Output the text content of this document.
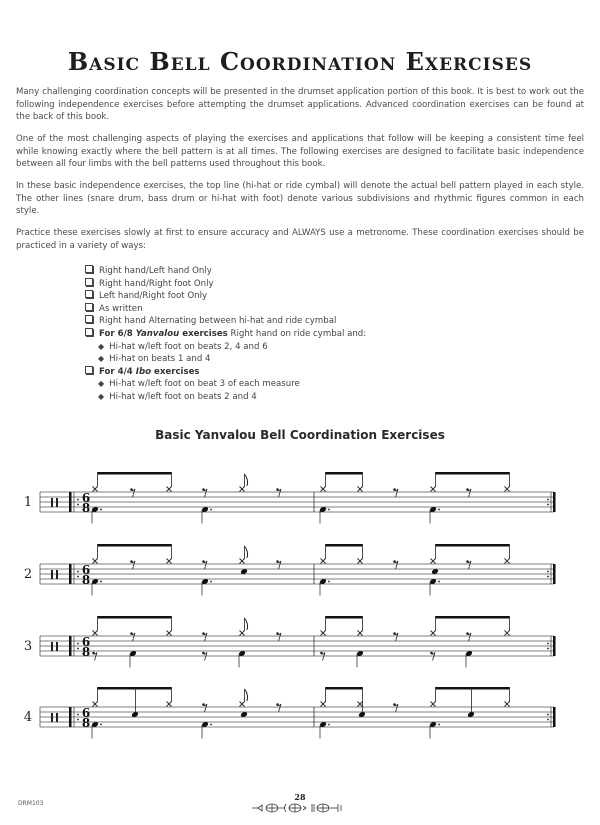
Basic Bell Coordination Exercises

Many challenging coordination concepts will be presented in the drumset application portion of this book. It is best to work out the following independence exercises before attempting the drumset applications. Advanced coordination exercises can be found at the back of this book.

One of the most challenging aspects of playing the exercises and applications that follow will be keeping a consistent time feel while knowing exactly where the bell pattern is at all times. The following exercises are designed to facilitate basic independence between all four limbs with the bell patterns used throughout this book.

In these basic independence exercises, the top line (hi-hat or ride cymbal) will denote the actual bell pattern played in each style. The other lines (snare drum, bass drum or hi-hat with foot) denote various subdivisions and rhythmic figures common in each style.

Practice these exercises slowly at first to ensure accuracy and ALWAYS use a metronome. These coordination exercises should be practiced in a variety of ways:

Right hand/Left hand Only
Right hand/Right foot Only
Left hand/Right foot Only
As written
Right hand Alternating between hi-hat and ride cymbal
For 6/8 Yanvalou exercises Right hand on ride cymbal and:
◆ Hi-hat w/left foot on beats 2, 4 and 6
◆ Hi-hat on beats 1 and 4
For 4/4 Ibo exercises
◆ Hi-hat w/left foot on beat 3 of each measure
◆ Hi-hat w/left foot on beats 2 and 4
Basic Yanvalou Bell Coordination Exercises
1	6
8
2	6
8
3	6
8
4	6
8
DRM103
28
